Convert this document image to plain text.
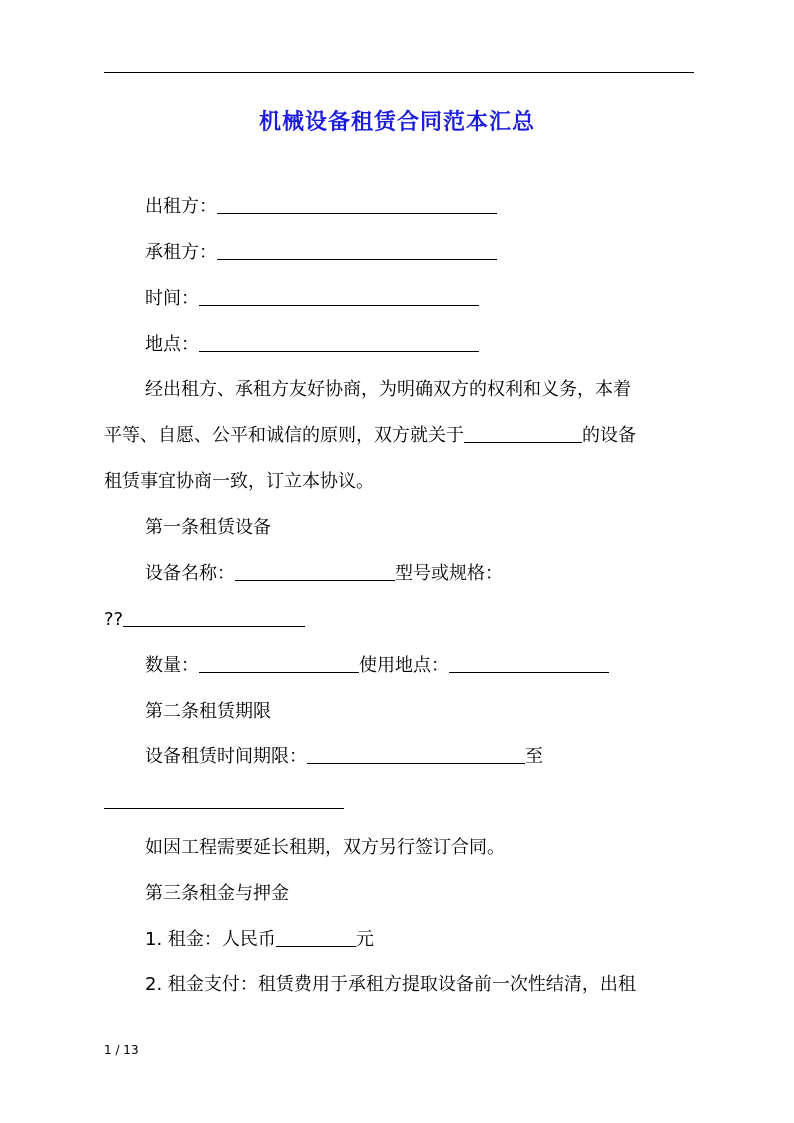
机械设备租赁合同范本汇总
出租方：
承租方：
时间：
地点：
经出租方、承租方友好协商，为明确双方的权利和义务，本着
平等、自愿、公平和诚信的原则，双方就关于	的设备
租赁事宜协商一致，订立本协议。
第一条租赁设备
设备名称：	型号或规格：
??
数量：	使用地点：
第二条租赁期限
设备租赁时间期限：	至
如因工程需要延长租期，双方另行签订合同。
第三条租金与押金
1. 租金：人民币	元
2. 租金支付：租赁费用于承租方提取设备前一次性结清，出租
1 / 13
